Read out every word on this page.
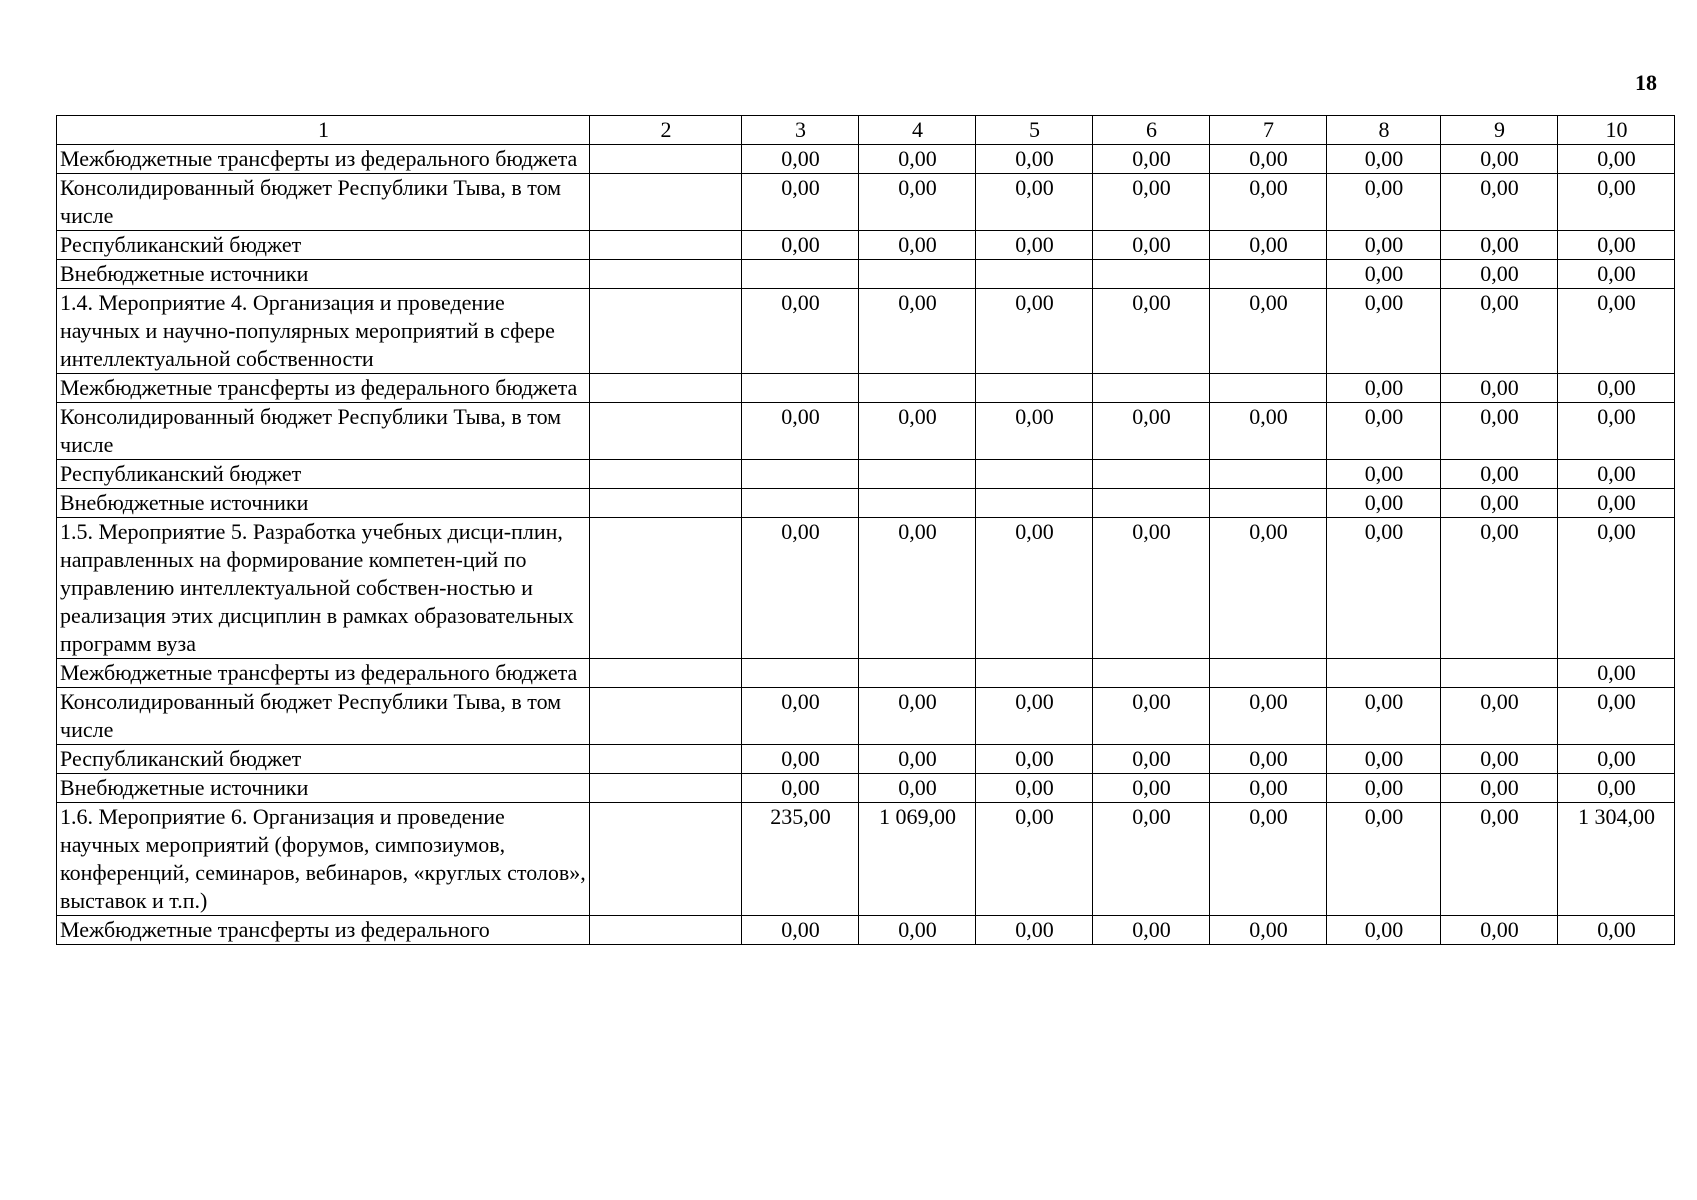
18
1	2	3	4	5	6	7	8	9	10
Межбюджетные трансферты из федерального бюджета		0,00	0,00	0,00	0,00	0,00	0,00	0,00	0,00
Консолидированный бюджет Республики Тыва, в том числе		0,00	0,00	0,00	0,00	0,00	0,00	0,00	0,00
Республиканский бюджет		0,00	0,00	0,00	0,00	0,00	0,00	0,00	0,00
Внебюджетные источники							0,00	0,00	0,00
1.4. Мероприятие 4. Организация и проведение научных и научно-популярных мероприятий в сфере интеллектуальной собственности		0,00	0,00	0,00	0,00	0,00	0,00	0,00	0,00
Межбюджетные трансферты из федерального бюджета							0,00	0,00	0,00
Консолидированный бюджет Республики Тыва, в том числе		0,00	0,00	0,00	0,00	0,00	0,00	0,00	0,00
Республиканский бюджет							0,00	0,00	0,00
Внебюджетные источники							0,00	0,00	0,00
1.5. Мероприятие 5. Разработка учебных дисци-плин, направленных на формирование компетен-ций по управлению интеллектуальной собствен-ностью и реализация этих дисциплин в рамках образовательных программ вуза		0,00	0,00	0,00	0,00	0,00	0,00	0,00	0,00
Межбюджетные трансферты из федерального бюджета									0,00
Консолидированный бюджет Республики Тыва, в том числе		0,00	0,00	0,00	0,00	0,00	0,00	0,00	0,00
Республиканский бюджет		0,00	0,00	0,00	0,00	0,00	0,00	0,00	0,00
Внебюджетные источники		0,00	0,00	0,00	0,00	0,00	0,00	0,00	0,00
1.6. Мероприятие 6. Организация и проведение научных мероприятий (форумов, симпозиумов, конференций, семинаров, вебинаров, «круглых столов», выставок и т.п.)		235,00	1 069,00	0,00	0,00	0,00	0,00	0,00	1 304,00
Межбюджетные трансферты из федерального		0,00	0,00	0,00	0,00	0,00	0,00	0,00	0,00
